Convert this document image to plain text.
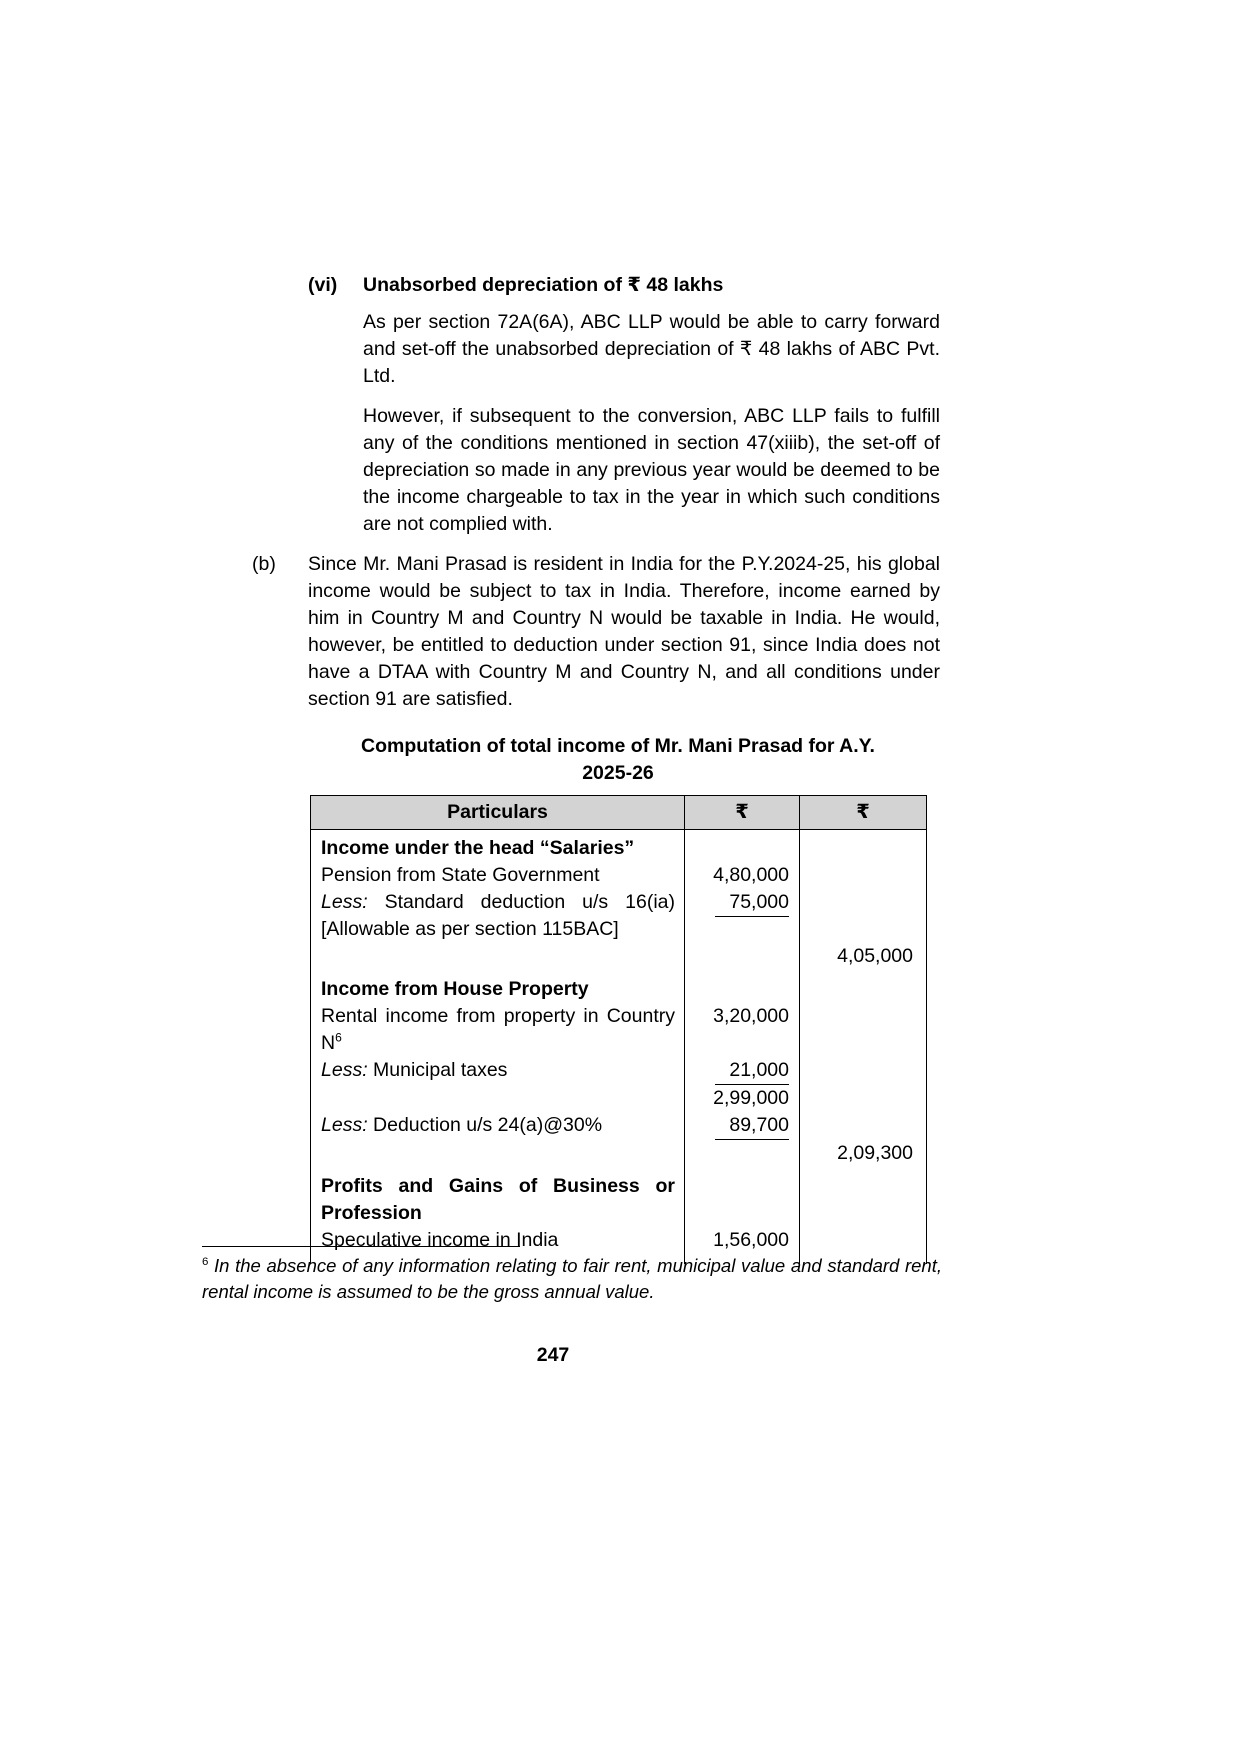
(vi)	Unabsorbed depreciation of ₹ 48 lakhs

As per section 72A(6A), ABC LLP would be able to carry forward and set-off the unabsorbed depreciation of ₹ 48 lakhs of ABC Pvt. Ltd.

However, if subsequent to the conversion, ABC LLP fails to fulfill any of the conditions mentioned in section 47(xiiib), the set-off of depreciation so made in any previous year would be deemed to be the income chargeable to tax in the year in which such conditions are not complied with.

(b)	Since Mr. Mani Prasad is resident in India for the P.Y.2024-25, his global income would be subject to tax in India. Therefore, income earned by him in Country M and Country N would be taxable in India. He would, however, be entitled to deduction under section 91, since India does not have a DTAA with Country M and Country N, and all conditions under section 91 are satisfied.
Computation of total income of Mr. Mani Prasad for A.Y.
2025-26
Particulars	₹	₹
Income under the head “Salaries”		
Pension from State Government	4,80,000	
Less: Standard deduction u/s 16(ia) [Allowable as per section 115BAC]	75,000	
		4,05,000
Income from House Property		
Rental income from property in Country $N^6$	3,20,000	
Less: Municipal taxes	21,000	
	2,99,000	
Less: Deduction u/s 24(a)@30%	89,700	
		2,09,300
Profits and Gains of Business or Profession		
Speculative income in India	1,56,000	

$^6$ In the absence of any information relating to fair rent, municipal value and standard rent, rental income is assumed to be the gross annual value.

247
